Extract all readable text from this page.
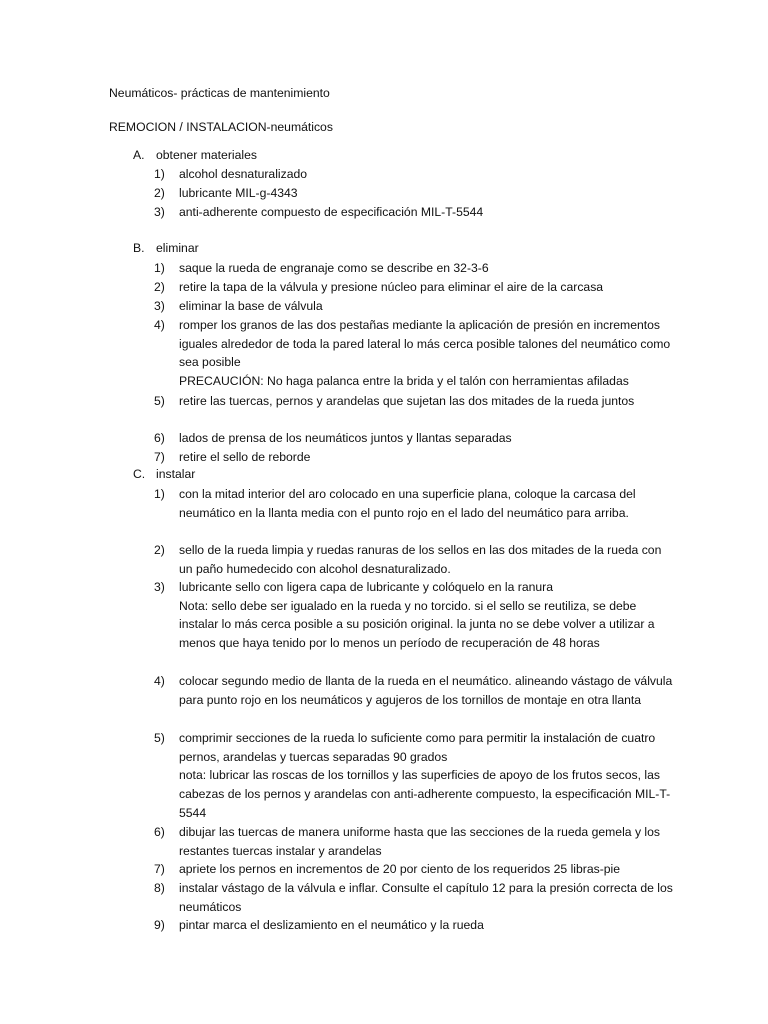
Neumáticos- prácticas de mantenimiento
REMOCION / INSTALACION-neumáticos
A. obtener materiales
1) alcohol desnaturalizado
2) lubricante MIL-g-4343
3) anti-adherente compuesto de especificación MIL-T-5544
B. eliminar
1) saque la rueda de engranaje como se describe en 32-3-6
2) retire la tapa de la válvula y presione núcleo para eliminar el aire de la carcasa
3) eliminar la base de válvula
4) romper los granos de las dos pestañas mediante la aplicación de presión en incrementos iguales alrededor de toda la pared lateral lo más cerca posible talones del neumático como sea posible
PRECAUCIÓN: No haga palanca entre la brida y el talón con herramientas afiladas
5) retire las tuercas, pernos y arandelas que sujetan las dos mitades de la rueda juntos
6) lados de prensa de los neumáticos juntos y llantas separadas
7) retire el sello de reborde
C. instalar
1) con la mitad interior del aro colocado en una superficie plana, coloque la carcasa del neumático en la llanta media con el punto rojo en el lado del neumático para arriba.
2) sello de la rueda limpia y ruedas ranuras de los sellos en las dos mitades de la rueda con un paño humedecido con alcohol desnaturalizado.
3) lubricante sello con ligera capa de lubricante y colóquelo en la ranura
Nota: sello debe ser igualado en la rueda y no torcido. si el sello se reutiliza, se debe instalar lo más cerca posible a su posición original. la junta no se debe volver a utilizar a menos que haya tenido por lo menos un período de recuperación de 48 horas
4) colocar segundo medio de llanta de la rueda en el neumático. alineando vástago de válvula para punto rojo en los neumáticos y agujeros de los tornillos de montaje en otra llanta
5) comprimir secciones de la rueda lo suficiente como para permitir la instalación de cuatro pernos, arandelas y tuercas separadas 90 grados
nota: lubricar las roscas de los tornillos y las superficies de apoyo de los frutos secos, las cabezas de los pernos y arandelas con anti-adherente compuesto, la especificación MIL-T-5544
6) dibujar las tuercas de manera uniforme hasta que las secciones de la rueda gemela y los restantes tuercas instalar y arandelas
7) apriete los pernos en incrementos de 20 por ciento de los requeridos 25 libras-pie
8) instalar vástago de la válvula e inflar. Consulte el capítulo 12 para la presión correcta de los neumáticos
9) pintar marca el deslizamiento en el neumático y la rueda
